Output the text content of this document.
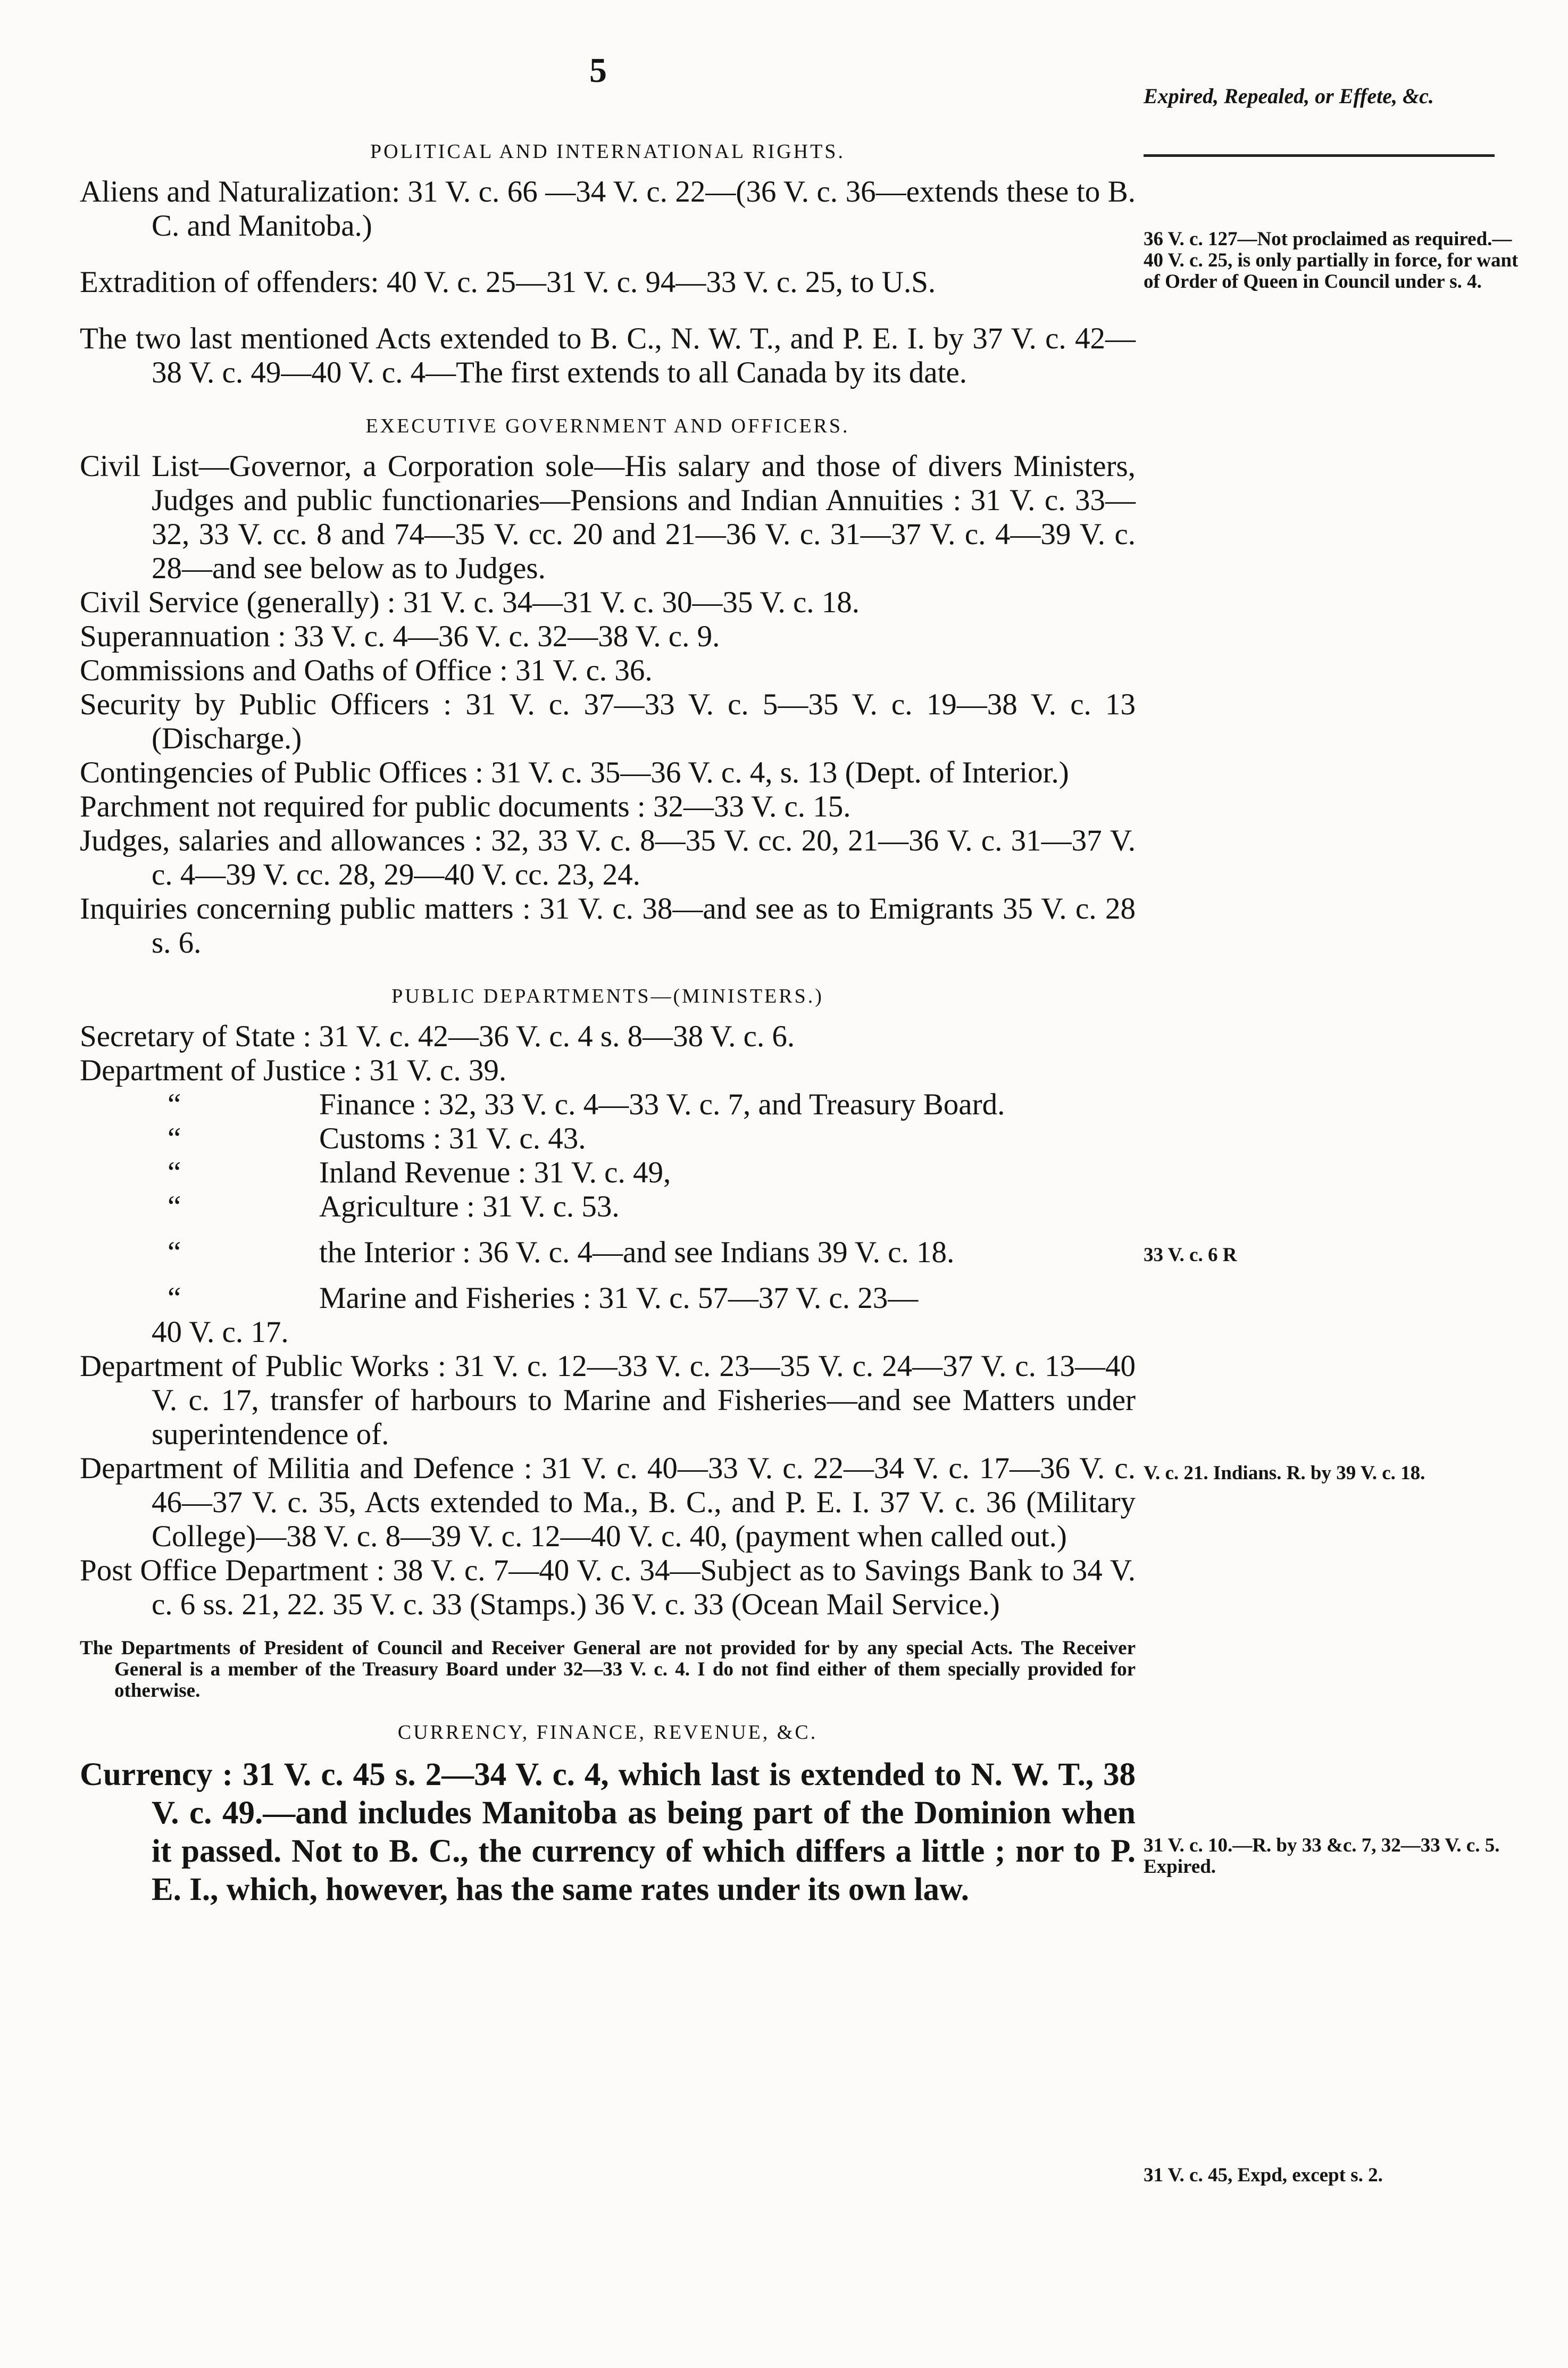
5
Expired, Repealed, or Effete, &c.
POLITICAL AND INTERNATIONAL RIGHTS.

Aliens and Naturalization: 31 V. c. 66 —34 V. c. 22—(36 V. c. 36—extends these to B. C. and Manitoba.)

Extradition of offenders: 40 V. c. 25—31 V. c. 94—33 V. c. 25, to U.S.

The two last mentioned Acts extended to B. C., N. W. T., and P. E. I. by 37 V. c. 42—38 V. c. 49—40 V. c. 4—The first extends to all Canada by its date.

EXECUTIVE GOVERNMENT AND OFFICERS.

Civil List—Governor, a Corporation sole—His salary and those of divers Ministers, Judges and public functionaries—Pensions and Indian Annuities : 31 V. c. 33—32, 33 V. cc. 8 and 74—35 V. cc. 20 and 21—36 V. c. 31—37 V. c. 4—39 V. c. 28—and see below as to Judges.

Civil Service (generally) : 31 V. c. 34—31 V. c. 30—35 V. c. 18.

Superannuation : 33 V. c. 4—36 V. c. 32—38 V. c. 9.

Commissions and Oaths of Office : 31 V. c. 36.

Security by Public Officers : 31 V. c. 37—33 V. c. 5—35 V. c. 19—38 V. c. 13 (Discharge.)

Contingencies of Public Offices : 31 V. c. 35—36 V. c. 4, s. 13 (Dept. of Interior.)

Parchment not required for public documents : 32—33 V. c. 15.

Judges, salaries and allowances : 32, 33 V. c. 8—35 V. cc. 20, 21—36 V. c. 31—37 V. c. 4—39 V. cc. 28, 29—40 V. cc. 23, 24.

Inquiries concerning public matters : 31 V. c. 38—and see as to Emigrants 35 V. c. 28 s. 6.

PUBLIC DEPARTMENTS—(MINISTERS.)

Secretary of State : 31 V. c. 42—36 V. c. 4 s. 8—38 V. c. 6.

Department of Justice : 31 V. c. 39.

“	Finance : 32, 33 V. c. 4—33 V. c. 7, and Treasury Board.

“	Customs : 31 V. c. 43.

“	Inland Revenue : 31 V. c. 49,

“	Agriculture : 31 V. c. 53.

“	the Interior : 36 V. c. 4—and see Indians 39 V. c. 18.

“	Marine and Fisheries : 31 V. c. 57—37 V. c. 23—

40 V. c. 17.

Department of Public Works : 31 V. c. 12—33 V. c. 23—35 V. c. 24—37 V. c. 13—40 V. c. 17, transfer of harbours to Marine and Fisheries—and see Matters under superintendence of.

Department of Militia and Defence : 31 V. c. 40—33 V. c. 22—34 V. c. 17—36 V. c. 46—37 V. c. 35, Acts extended to Ma., B. C., and P. E. I. 37 V. c. 36 (Military College)—38 V. c. 8—39 V. c. 12—40 V. c. 40, (payment when called out.)

Post Office Department : 38 V. c. 7—40 V. c. 34—Subject as to Savings Bank to 34 V. c. 6 ss. 21, 22. 35 V. c. 33 (Stamps.) 36 V. c. 33 (Ocean Mail Service.)

The Departments of President of Council and Receiver General are not provided for by any special Acts. The Receiver General is a member of the Treasury Board under 32—33 V. c. 4. I do not find either of them specially provided for otherwise.

CURRENCY, FINANCE, REVENUE, &C.

Currency : 31 V. c. 45 s. 2—34 V. c. 4, which last is extended to N. W. T., 38 V. c. 49.—and includes Manitoba as being part of the Dominion when it passed. Not to B. C., the currency of which differs a little ; nor to P. E. I., which, however, has the same rates under its own law.

36 V. c. 127—Not proclaimed as required.—40 V. c. 25, is only partially in force, for want of Order of Queen in Council under s. 4.
33 V. c. 6 R
V. c. 21. Indians. R. by 39 V. c. 18.
31 V. c. 10.—R. by 33 &c. 7, 32—33 V. c. 5. Expired.
31 V. c. 45, Expd, except s. 2.
